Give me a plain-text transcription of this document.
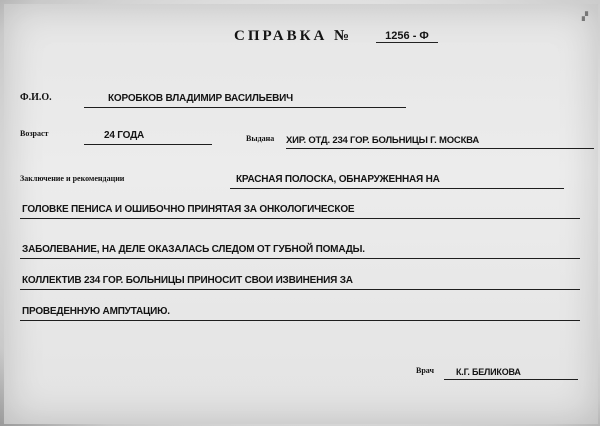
▞
СПРАВКА №	1256 - Ф
Ф.И.О.	КОРОБКОВ ВЛАДИМИР ВАСИЛЬЕВИЧ
Возраст	24 ГОДА	Выдана ХИР. ОТД. 234 ГОР. БОЛЬНИЦЫ Г. МОСКВА
Заключение и рекомендации	КРАСНАЯ ПОЛОСКА, ОБНАРУЖЕННАЯ НА
ГОЛОВКЕ ПЕНИСА И ОШИБОЧНО ПРИНЯТАЯ ЗА ОНКОЛОГИЧЕСКОЕ
ЗАБОЛЕВАНИЕ, НА ДЕЛЕ ОКАЗАЛАСЬ СЛЕДОМ ОТ ГУБНОЙ ПОМАДЫ.
КОЛЛЕКТИВ 234 ГОР. БОЛЬНИЦЫ ПРИНОСИТ СВОИ ИЗВИНЕНИЯ ЗА
ПРОВЕДЕННУЮ АМПУТАЦИЮ.
Врач К.Г. БЕЛИКОВА
